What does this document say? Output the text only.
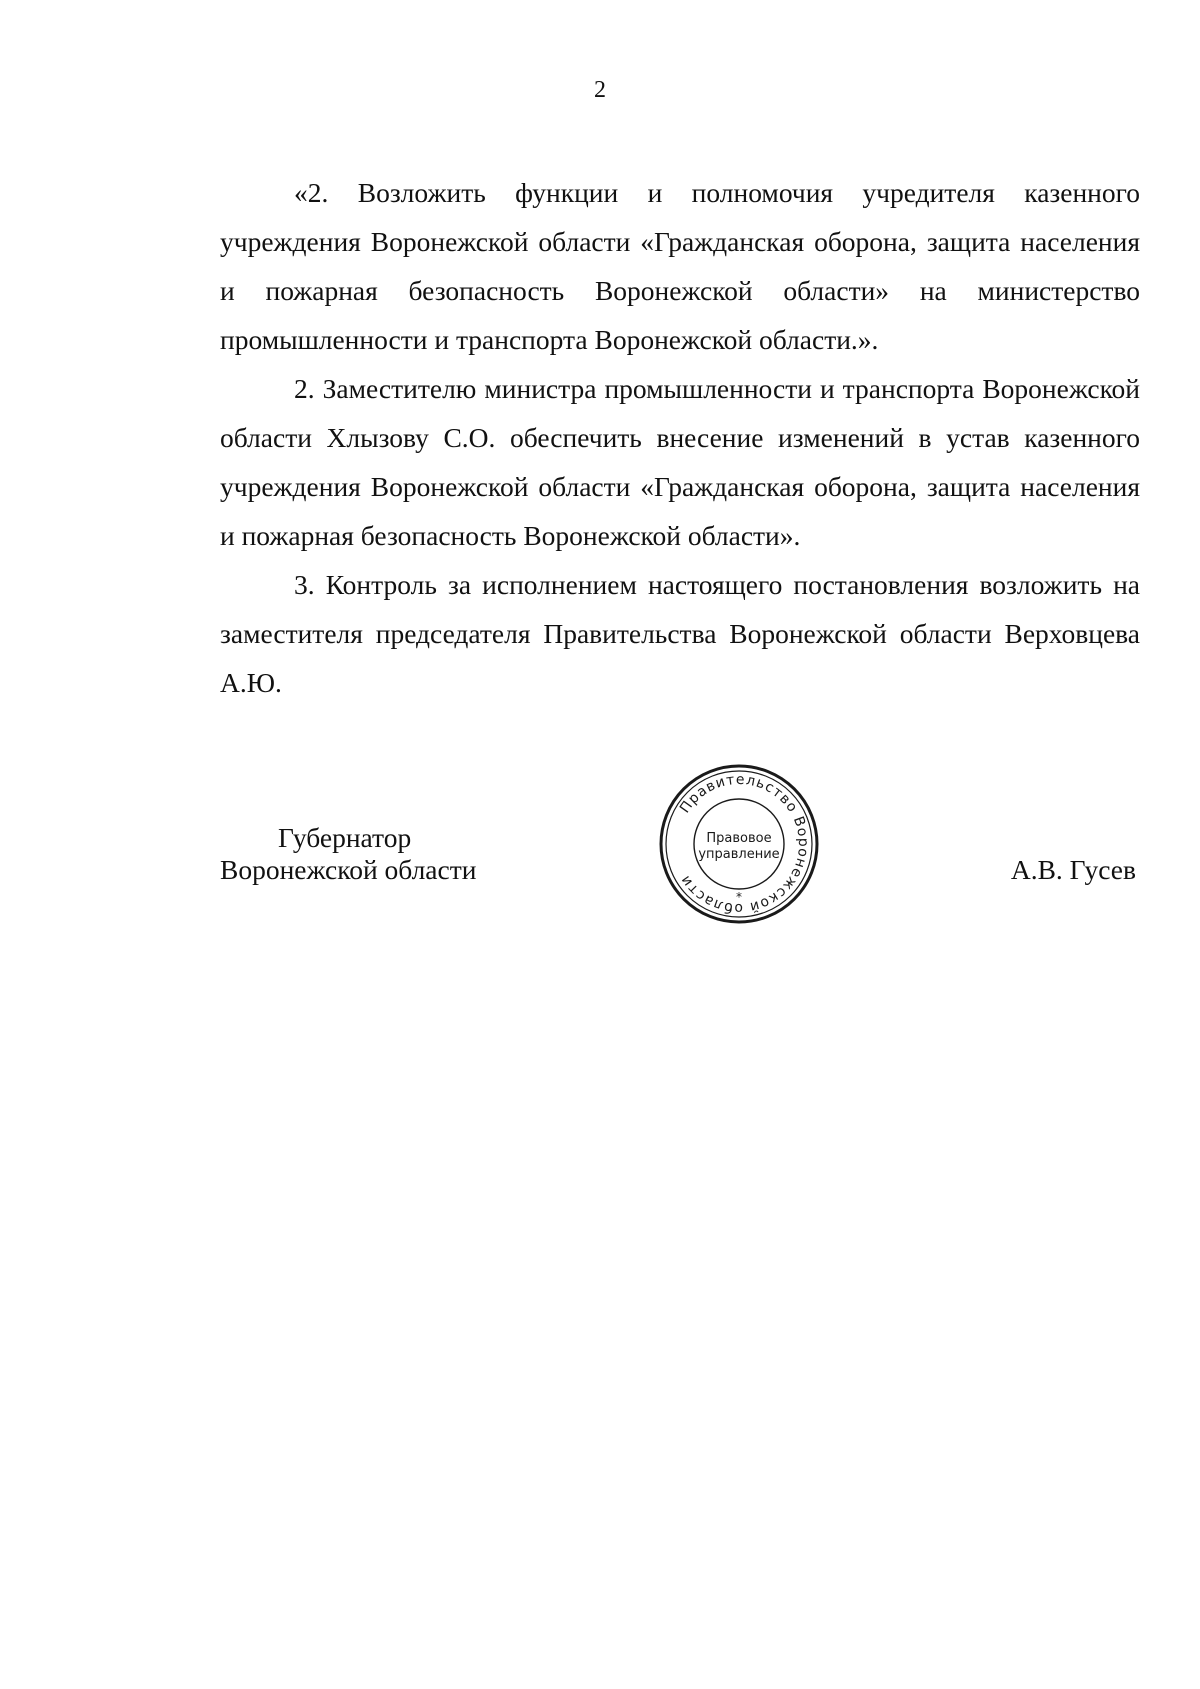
2

«2. Возложить функции и полномочия учредителя казенного учреждения Воронежской области «Гражданская оборона, защита населения и пожарная безопасность Воронежской области» на министерство промышленности и транспорта Воронежской области.».

2. Заместителю министра промышленности и транспорта Воронежской области Хлызову С.О. обеспечить внесение изменений в устав казенного учреждения Воронежской области «Гражданская оборона, защита населения и пожарная безопасность Воронежской области».

3. Контроль за исполнением настоящего постановления возложить на заместителя председателя Правительства Воронежской области Верховцева А.Ю.

Губернатор

Воронежской области

Правительство Воронежской области
Правовое
управление
*

А.В. Гусев
